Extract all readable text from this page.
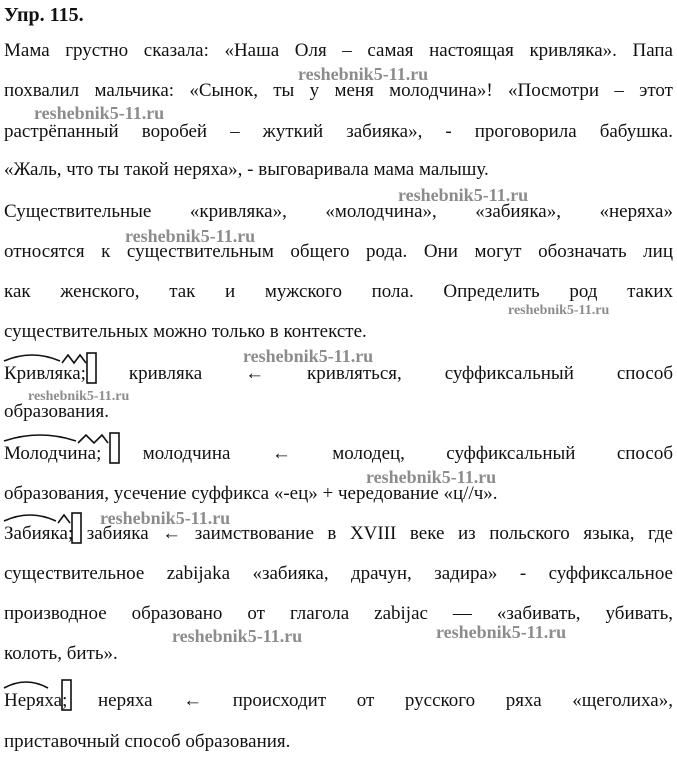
Упр. 115.
Мама грустно сказала: «Наша Оля – самая настоящая кривляка». Папа
похвалил мальчика: «Сынок, ты у меня молодчина»! «Посмотри – этот
растрёпанный воробей – жуткий забияка», - проговорила бабушка.
«Жаль, что ты такой неряха», - выговаривала мама малышу.
Существительные «кривляка», «молодчина», «забияка», «неряха»
относятся к существительным общего рода. Они могут обозначать лиц
как женского, так и мужского пола. Определить род таких
существительных можно только в контексте.
Кривляка; кривляка ← кривляться, суффиксальный способ
образования.
Молодчина; молодчина ← молодец, суффиксальный способ
образования, усечение суффикса «-ец» + чередование «ц//ч».
Забияка; забияка ← заимствование в XVIII веке из польского языка, где
существительное zabijaka «забияка, драчун, задира» - суффиксальное
производное образовано от глагола zabijac — «забивать, убивать,
колоть, бить».
Неряха; неряха ← происходит от русского ряха «щеголиха»,
приставочный способ образования.
reshebnik5-11.ru
reshebnik5-11.ru
reshebnik5-11.ru
reshebnik5-11.ru
reshebnik5-11.ru
reshebnik5-11.ru
reshebnik5-11.ru
reshebnik5-11.ru
reshebnik5-11.ru
reshebnik5-11.ru	reshebnik5-11.ru
